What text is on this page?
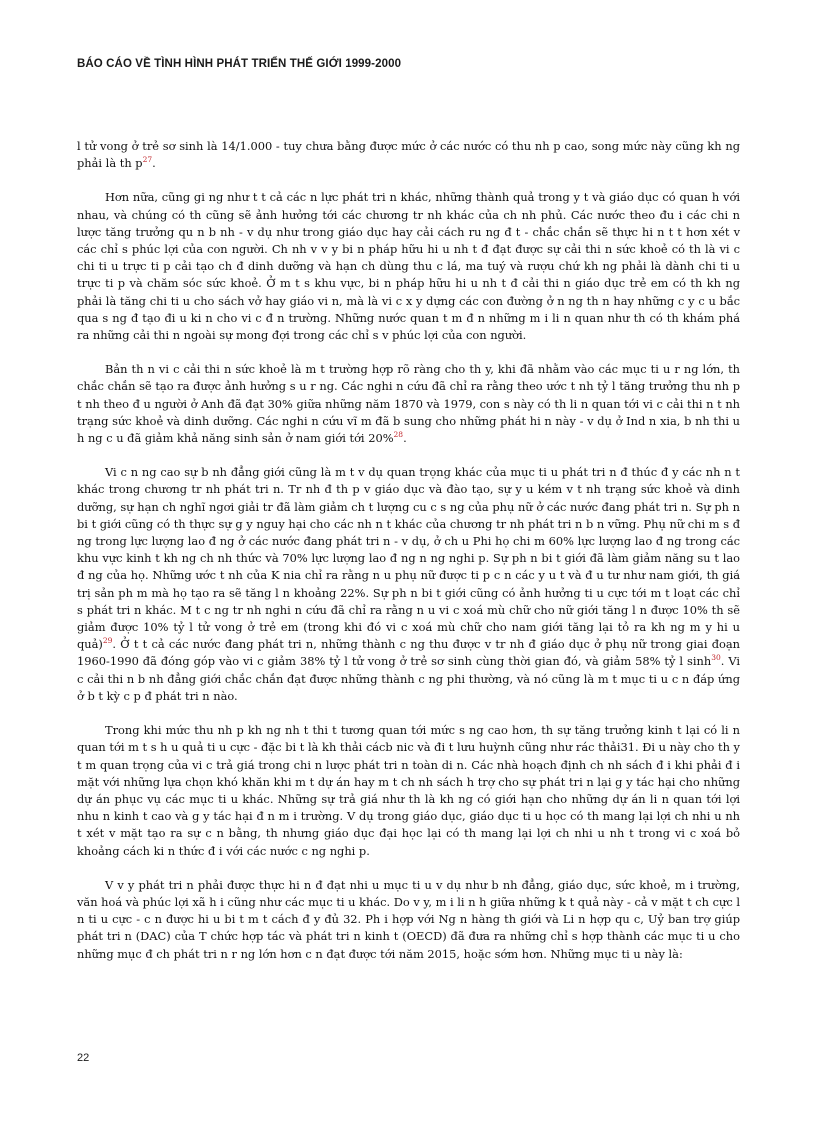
BÁO CÁO VỀ TÌNH HÌNH PHÁT TRIỂN THẾ GIỚI 1999-2000

l tử vong ở trẻ sơ sinh là 14/1.000 - tuy chưa bằng được mức ở các nước có thu nh p cao, song mức này cũng kh ng phải là th p$^{27}$.

Hơn nữa, cũng gi ng như t t cả các n lực phát tri n khác, những thành quả trong y t và giáo dục có quan h với nhau, và chúng có th cũng sẽ ảnh hưởng tới các chương tr nh khác của ch nh phủ. Các nước theo đu i các chi n lược tăng trưởng qu n b nh - v dụ như trong giáo dục hay cải cách ru ng đ t - chắc chắn sẽ thực hi n t t hơn xét v các chỉ s phúc lợi của con người. Ch nh v v y bi n pháp hữu hi u nh t đ đạt được sự cải thi n sức khoẻ có th là vi c chi ti u trực ti p cải tạo ch đ dinh dưỡng và hạn ch dùng thu c lá, ma tuý và rượu chứ kh ng phải là dành chi ti u trực ti p và chăm sóc sức khoẻ. Ở m t s khu vực, bi n pháp hữu hi u nh t đ cải thi n giáo dục trẻ em có th kh ng phải là tăng chi ti u cho sách vở hay giáo vi n, mà là vi c x y dựng các con đường ở n ng th n hay những c y c u bắc qua s ng đ tạo đi u ki n cho vi c đ n trường. Những nước quan t m đ n những m i li n quan như th có th khám phá ra những cải thi n ngoài sự mong đợi trong các chỉ s v phúc lợi của con người.

Bản th n vi c cải thi n sức khoẻ là m t trường hợp rõ ràng cho th y, khi đã nhằm vào các mục ti u r ng lớn, th chắc chắn sẽ tạo ra được ảnh hưởng s u r ng. Các nghi n cứu đã chỉ ra rằng theo ước t nh tỷ l tăng trưởng thu nh p t nh theo đ u người ở Anh đã đạt 30% giữa những năm 1870 và 1979, con s này có th li n quan tới vi c cải thi n t nh trạng sức khoẻ và dinh dưỡng. Các nghi n cứu vĩ m đã b sung cho những phát hi n này - v dụ ở Ind n xia, b nh thi u h ng c u đã giảm khả năng sinh sản ở nam giới tới 20%$^{28}$.

Vi c n ng cao sự b nh đẳng giới cũng là m t v dụ quan trọng khác của mục ti u phát tri n đ thúc đ y các nh n t khác trong chương tr nh phát tri n. Tr nh đ th p v giáo dục và đào tạo, sự y u kém v t nh trạng sức khoẻ và dinh dưỡng, sự hạn ch nghĩ ngơi giải tr đã làm giảm ch t lượng cu c s ng của phụ nữ ở các nước đang phát tri n. Sự ph n bi t giới cũng có th thực sự g y nguy hại cho các nh n t khác của chương tr nh phát tri n b n vững. Phụ nữ chi m s đ ng trong lực lượng lao đ ng ở các nước đang phát tri n - v dụ, ở ch u Phi họ chi m 60% lực lượng lao đ ng trong các khu vực kinh t kh ng ch nh thức và 70% lực lượng lao đ ng n ng nghi p. Sự ph n bi t giới đã làm giảm năng su t lao đ ng của họ. Những ước t nh của K nia chỉ ra rằng n u phụ nữ được ti p c n các y u t và đ u tư như nam giới, th giá trị sản ph m mà họ tạo ra sẽ tăng l n khoảng 22%. Sự ph n bi t giới cũng có ảnh hưởng ti u cực tới m t loạt các chỉ s phát tri n khác. M t c ng tr nh nghi n cứu đã chỉ ra rằng n u vi c xoá mù chữ cho nữ giới tăng l n được 10% th sẽ giảm được 10% tỷ l tử vong ở trẻ em (trong khi đó vi c xoá mù chữ cho nam giới tăng lại tỏ ra kh ng m y hi u quả)$^{29}$. Ở t t cả các nước đang phát tri n, những thành c ng thu được v tr nh đ giáo dục ở phụ nữ trong giai đoạn 1960-1990 đã đóng góp vào vi c giảm 38% tỷ l tử vong ở trẻ sơ sinh cùng thời gian đó, và giảm 58% tỷ l sinh$^{30}$. Vi c cải thi n b nh đẳng giới chắc chắn đạt được những thành c ng phi thường, và nó cũng là m t mục ti u c n đáp ứng ở b t kỳ c p đ phát tri n nào.

Trong khi mức thu nh p kh ng nh t thi t tương quan tới mức s ng cao hơn, th sự tăng trưởng kinh t lại có li n quan tới m t s h u quả ti u cực - đặc bi t là kh thải cácb nic và đi t lưu huỳnh cũng như rác thải31. Đi u này cho th y t m quan trọng của vi c trả giá trong chi n lược phát tri n toàn di n. Các nhà hoạch định ch nh sách đ i khi phải đ i mặt với những lựa chọn khó khăn khi m t dự án hay m t ch nh sách h trợ cho sự phát tri n lại g y tác hại cho những dự án phục vụ các mục ti u khác. Những sự trả giá như th là kh ng có giới hạn cho những dự án li n quan tới lợi nhu n kinh t cao và g y tác hại đ n m i trường. V dụ trong giáo dục, giáo dục ti u học có th mang lại lợi ch nhi u nh t xét v mặt tạo ra sự c n bằng, th nhưng giáo dục đại học lại có th mang lại lợi ch nhi u nh t trong vi c xoá bỏ khoảng cách ki n thức đ i với các nước c ng nghi p.

V v y phát tri n phải được thực hi n đ đạt nhi u mục ti u v dụ như b nh đẳng, giáo dục, sức khoẻ, m i trường, văn hoá và phúc lợi xã h i cũng như các mục ti u khác. Do v y, m i li n h giữa những k t quả này - cả v mặt t ch cực l n ti u cực - c n được hi u bi t m t cách đ y đủ 32. Ph i hợp với Ng n hàng th giới và Li n hợp qu c, Uỷ ban trợ giúp phát tri n (DAC) của T chức hợp tác và phát tri n kinh t (OECD) đã đưa ra những chỉ s hợp thành các mục ti u cho những mục đ ch phát tri n r ng lớn hơn c n đạt được tới năm 2015, hoặc sớm hơn. Những mục ti u này là:

22
